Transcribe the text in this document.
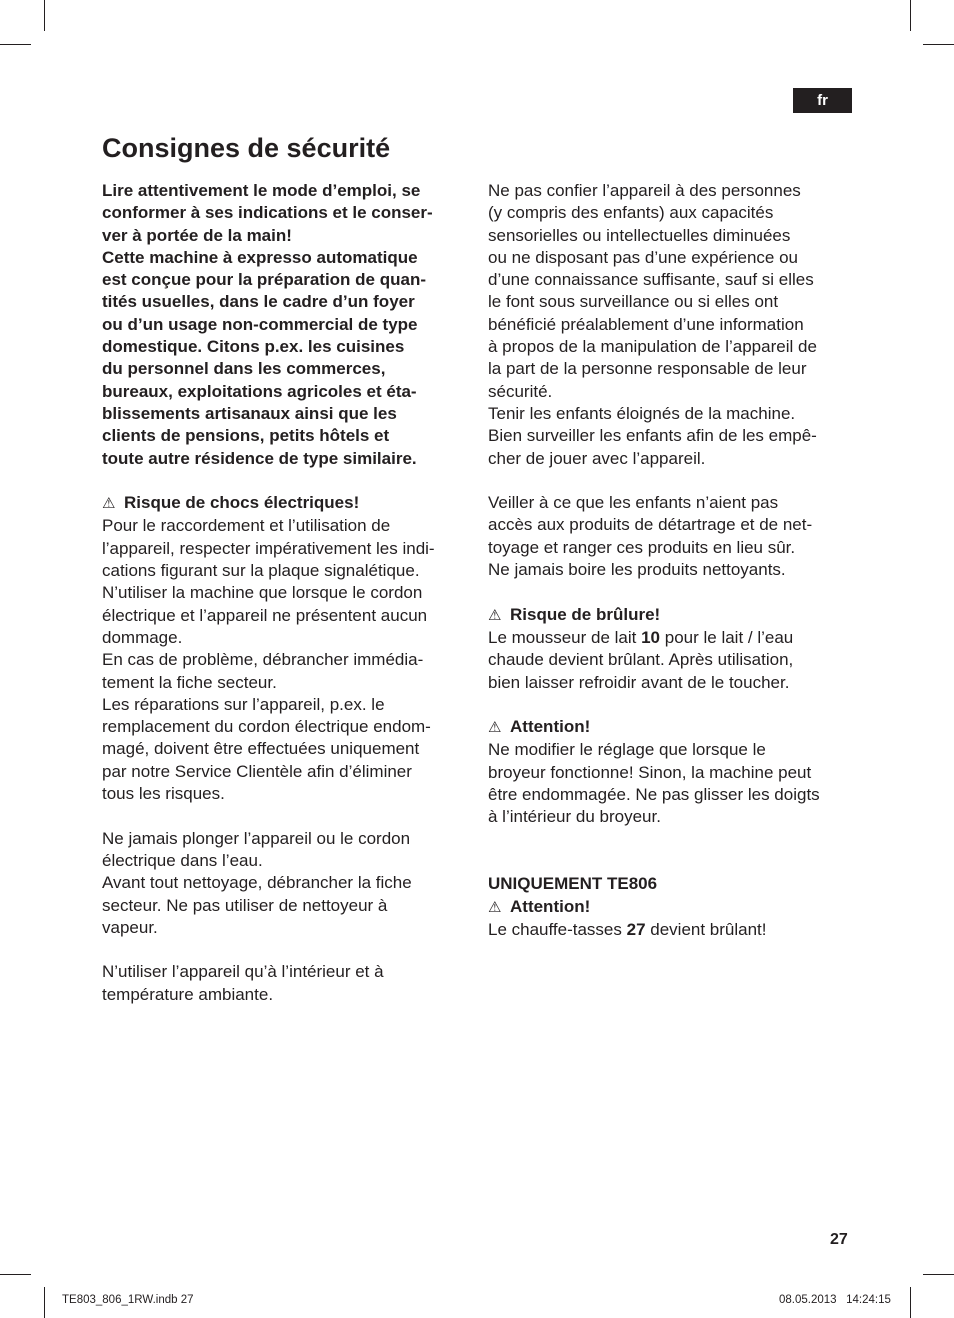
fr
Consignes de sécurité

Lire attentivement le mode d’emploi, se

conformer à ses indications et le conser-

ver à portée de la main!

Cette machine à expresso automatique

est conçue pour la préparation de quan-

tités usuelles, dans le cadre d’un foyer

ou d’un usage non-commercial de type

domestique. Citons p.ex. les cuisines

du personnel dans les commerces,

bureaux, exploitations agricoles et éta-

blissements artisanaux ainsi que les

clients de pensions, petits hôtels et

toute autre résidence de type similaire.

⚠ Risque de chocs électriques!

Pour le raccordement et l’utilisation de

l’appareil, respecter impérativement les indi-

cations figurant sur la plaque signalétique.

N’utiliser la machine que lorsque le cordon

électrique et l’appareil ne présentent aucun

dommage.

En cas de problème, débrancher immédia-

tement la fiche secteur.

Les réparations sur l’appareil, p.ex. le

remplacement du cordon électrique endom-

magé, doivent être effectuées uniquement

par notre Service Clientèle afin d’éliminer

tous les risques.

Ne jamais plonger l’appareil ou le cordon

électrique dans l’eau.

Avant tout nettoyage, débrancher la fiche

secteur. Ne pas utiliser de nettoyeur à

vapeur.

N’utiliser l’appareil qu’à l’intérieur et à

température ambiante.

Ne pas confier l’appareil à des personnes

(y compris des enfants) aux capacités

sensorielles ou intellectuelles diminuées

ou ne disposant pas d’une expérience ou

d’une connaissance suffisante, sauf si elles

le font sous surveillance ou si elles ont

bénéficié préalablement d’une information

à propos de la manipulation de l’appareil de

la part de la personne responsable de leur

sécurité.

Tenir les enfants éloignés de la machine.

Bien surveiller les enfants afin de les empê-

cher de jouer avec l’appareil.

Veiller à ce que les enfants n’aient pas

accès aux produits de détartrage et de net-

toyage et ranger ces produits en lieu sûr.

Ne jamais boire les produits nettoyants.

⚠ Risque de brûlure!

Le mousseur de lait 10 pour le lait / l’eau

chaude devient brûlant. Après utilisation,

bien laisser refroidir avant de le toucher.

⚠ Attention!

Ne modifier le réglage que lorsque le

broyeur fonctionne! Sinon, la machine peut

être endommagée. Ne pas glisser les doigts

à l’intérieur du broyeur.

UNIQUEMENT TE806

⚠ Attention!

Le chauffe-tasses 27 devient brûlant!

27
TE803_806_1RW.indb 27	08.05.2013   14:24:15
